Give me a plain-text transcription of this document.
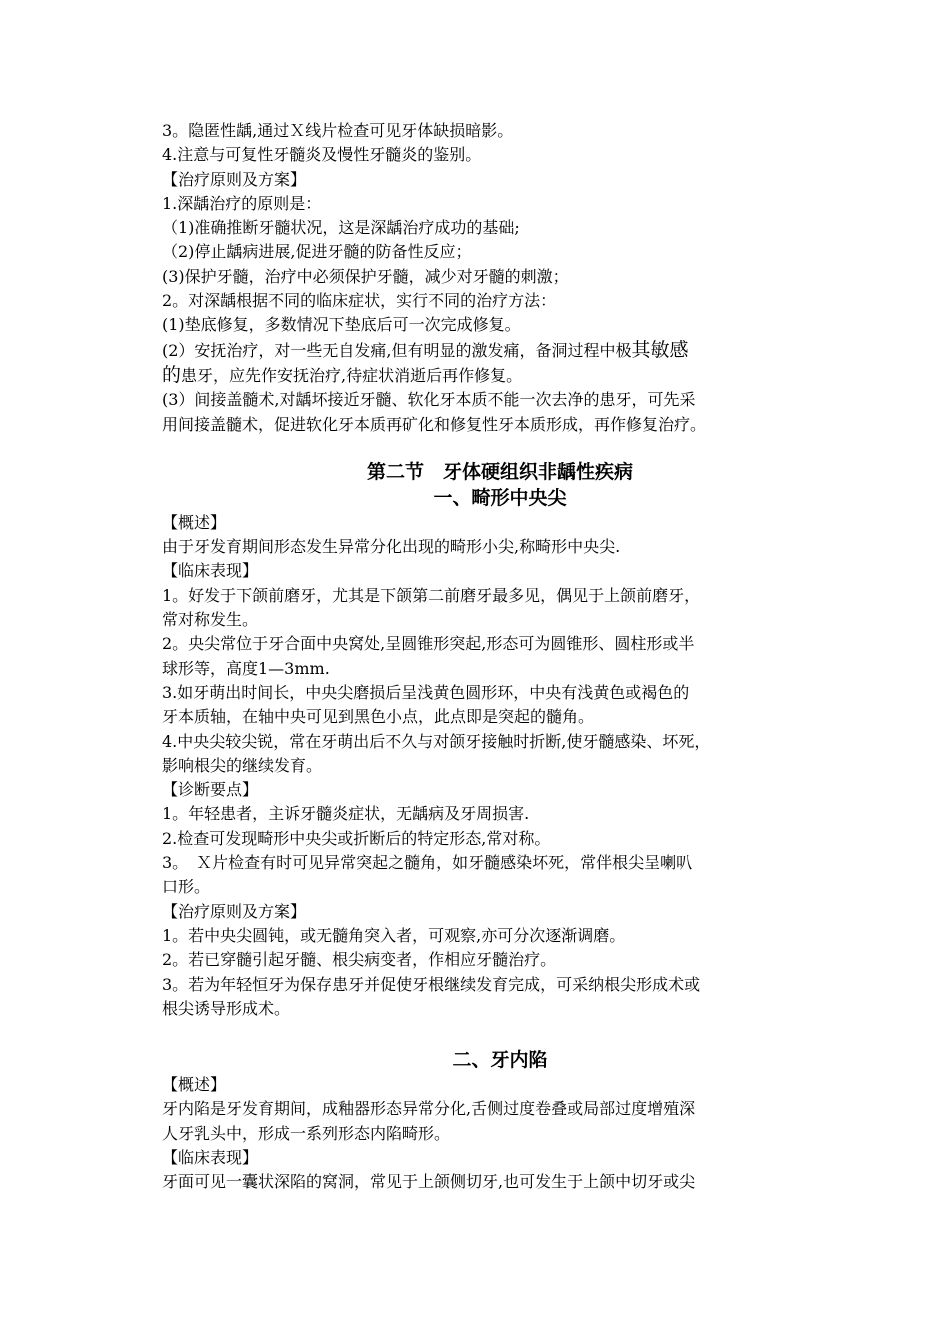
3。隐匿性龋,通过Ｘ线片检查可见牙体缺损暗影。

4.注意与可复性牙髓炎及慢性牙髓炎的鉴别。

【治疗原则及方案】

1.深龋治疗的原则是：

（1)准确推断牙髓状况，这是深龋治疗成功的基础;

（2)停止龋病进展,促进牙髓的防备性反应；

(3)保护牙髓，治疗中必须保护牙髓，减少对牙髓的刺激；

2。对深龋根据不同的临床症状，实行不同的治疗方法：

(1)垫底修复，多数情况下垫底后可一次完成修复。

(2）安抚治疗，对一些无自发痛,但有明显的激发痛，备洞过程中极其敏感

的患牙，应先作安抚治疗,待症状消逝后再作修复。

(3）间接盖髓术,对龋坏接近牙髓、软化牙本质不能一次去净的患牙，可先采

用间接盖髓术，促进软化牙本质再矿化和修复性牙本质形成，再作修复治疗。

第二节　牙体硬组织非龋性疾病

一、畸形中央尖

【概述】

由于牙发育期间形态发生异常分化出现的畸形小尖,称畸形中央尖.

【临床表现】

1。好发于下颌前磨牙，尤其是下颌第二前磨牙最多见，偶见于上颌前磨牙，

常对称发生。

2。央尖常位于牙合面中央窝处,呈圆锥形突起,形态可为圆锥形、圆柱形或半

球形等，高度1—3mm.

3.如牙萌出时间长，中央尖磨损后呈浅黄色圆形环，中央有浅黄色或褐色的

牙本质轴，在轴中央可见到黑色小点，此点即是突起的髓角。

4.中央尖较尖锐，常在牙萌出后不久与对颌牙接触时折断,使牙髓感染、坏死，

影响根尖的继续发育。

【诊断要点】

1。年轻患者，主诉牙髓炎症状，无龋病及牙周损害.

2.检查可发现畸形中央尖或折断后的特定形态,常对称。

3。　Ｘ片检查有时可见异常突起之髓角，如牙髓感染坏死，常伴根尖呈喇叭

口形。

【治疗原则及方案】

1。若中央尖圆钝，或无髓角突入者，可观察,亦可分次逐渐调磨。

2。若已穿髓引起牙髓、根尖病变者，作相应牙髓治疗。

3。若为年轻恒牙为保存患牙并促使牙根继续发育完成，可采纳根尖形成术或

根尖诱导形成术。

二、牙内陷

【概述】

牙内陷是牙发育期间，成釉器形态异常分化,舌侧过度卷叠或局部过度增殖深

人牙乳头中，形成一系列形态内陷畸形。

【临床表现】

牙面可见一囊状深陷的窝洞，常见于上颌侧切牙,也可发生于上颌中切牙或尖
